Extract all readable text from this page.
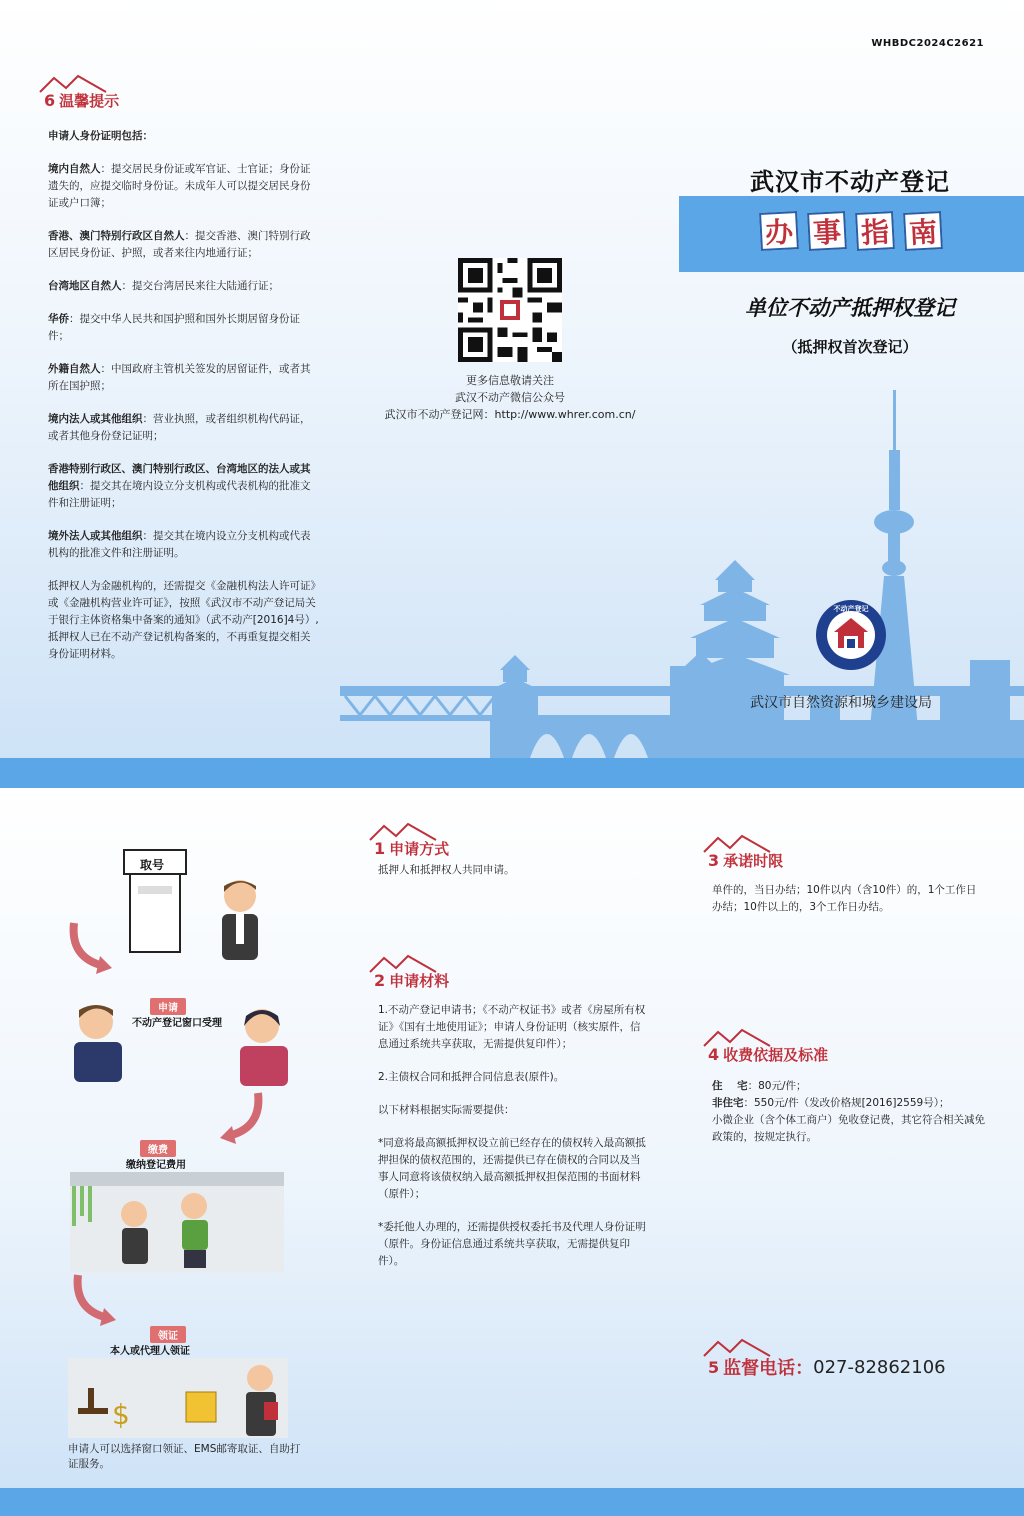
WHBDC2024C2621
6 温馨提示
申请人身份证明包括：
境内自然人：提交居民身份证或军官证、士官证；身份证遗失的，应提交临时身份证。未成年人可以提交居民身份证或户口簿；
香港、澳门特别行政区自然人：提交香港、澳门特别行政区居民身份证、护照，或者来往内地通行证；
台湾地区自然人：提交台湾居民来往大陆通行证；
华侨：提交中华人民共和国护照和国外长期居留身份证件；
外籍自然人：中国政府主管机关签发的居留证件，或者其所在国护照；
境内法人或其他组织：营业执照，或者组织机构代码证，或者其他身份登记证明；
香港特别行政区、澳门特别行政区、台湾地区的法人或其他组织：提交其在境内设立分支机构或代表机构的批准文件和注册证明；
境外法人或其他组织：提交其在境内设立分支机构或代表机构的批准文件和注册证明。
抵押权人为金融机构的，还需提交《金融机构法人许可证》或《金融机构营业许可证》，按照《武汉市不动产登记局关于银行主体资格集中备案的通知》（武不动产[2016]4号）,抵押权人已在不动产登记机构备案的，不再重复提交相关身份证明材料。
更多信息敬请关注
武汉不动产微信公众号
武汉市不动产登记网：http://www.whrer.com.cn/
武汉市不动产登记
办 事 指 南
单位不动产抵押权登记
（抵押权首次登记）
不动产登记
武汉市自然资源和城乡建设局
取号
申请
不动产登记窗口受理
缴费
缴纳登记费用
领证
本人或代理人领证
$
申请人可以选择窗口领证、EMS邮寄取证、自助打证服务。
1 申请方式
抵押人和抵押权人共同申请。
2 申请材料
1.不动产登记申请书；《不动产权证书》或者《房屋所有权证》《国有土地使用证》；申请人身份证明（核实原件，信息通过系统共享获取，无需提供复印件）；
2.主债权合同和抵押合同信息表(原件)。
以下材料根据实际需要提供：
*同意将最高额抵押权设立前已经存在的债权转入最高额抵押担保的债权范围的，还需提供已存在债权的合同以及当事人同意将该债权纳入最高额抵押权担保范围的书面材料（原件）；
*委托他人办理的，还需提供授权委托书及代理人身份证明（原件。身份证信息通过系统共享获取，无需提供复印件）。
3 承诺时限
单件的，当日办结；10件以内（含10件）的，1个工作日办结；10件以上的，3个工作日办结。
4 收费依据及标准
住    宅：80元/件；
非住宅：550元/件（发改价格规[2016]2559号）；
小微企业（含个体工商户）免收登记费，其它符合相关减免政策的，按规定执行。
5 监督电话： 027-82862106
